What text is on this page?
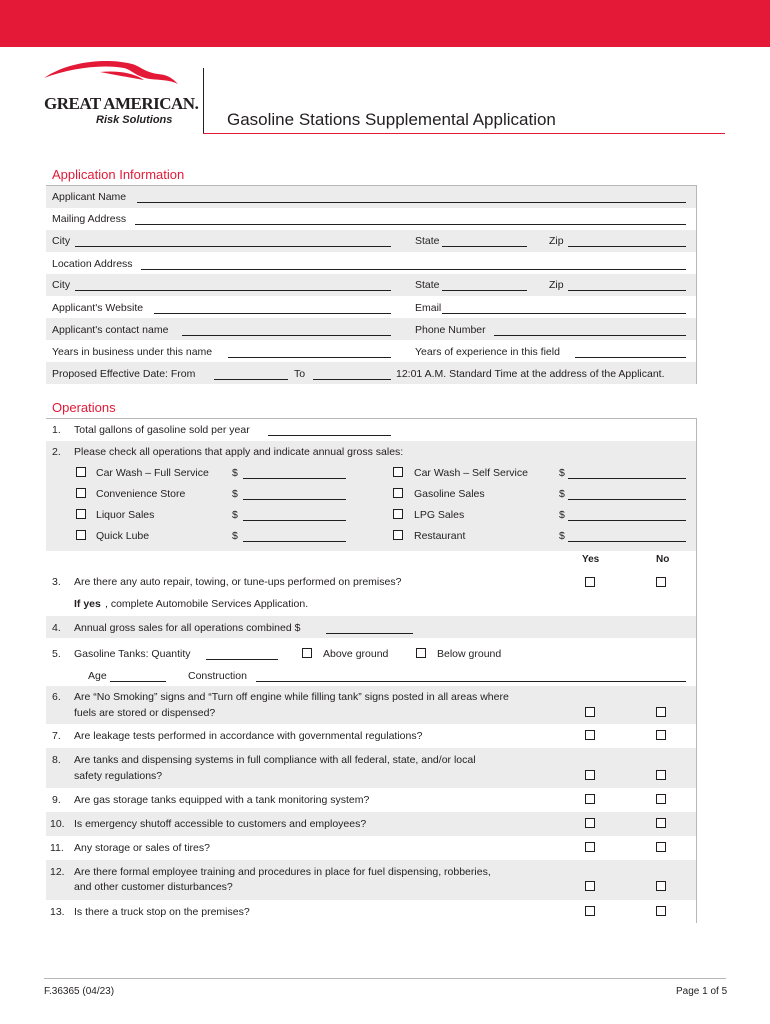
GREAT AMERICAN.
Risk Solutions	Gasoline Stations Supplemental Application
Application Information
Applicant Name
Mailing Address
City	State	Zip
Location Address
City	State	Zip
Applicant's Website	Email
Applicant's contact name	Phone Number
Years in business under this name	Years of experience in this field
Proposed Effective Date: From	To	12:01 A.M. Standard Time at the address of the Applicant.
Operations
1. Total gallons of gasoline sold per year
2. Please check all operations that apply and indicate annual gross sales:
Car Wash – Full Service $	Car Wash – Self Service	$
Convenience Store	$	Gasoline Sales	$
Liquor Sales	$	LPG Sales	$
Quick Lube	$	Restaurant	$
Yes	No
3. Are there any auto repair, towing, or tune-ups performed on premises?
If yes , complete Automobile Services Application.
4. Annual gross sales for all operations combined $
5. Gasoline Tanks: Quantity	Above ground	Below ground
Age	Construction
6. Are “No Smoking” signs and “Turn off engine while filling tank” signs posted in all areas where
fuels are stored or dispensed?
7. Are leakage tests performed in accordance with governmental regulations?
8. Are tanks and dispensing systems in full compliance with all federal, state, and/or local
safety regulations?
9. Are gas storage tanks equipped with a tank monitoring system?
10. Is emergency shutoff accessible to customers and employees?
11. Any storage or sales of tires?
12. Are there formal employee training and procedures in place for fuel dispensing, robberies,
and other customer disturbances?
13. Is there a truck stop on the premises?
F.36365 (04/23)	Page 1 of 5
